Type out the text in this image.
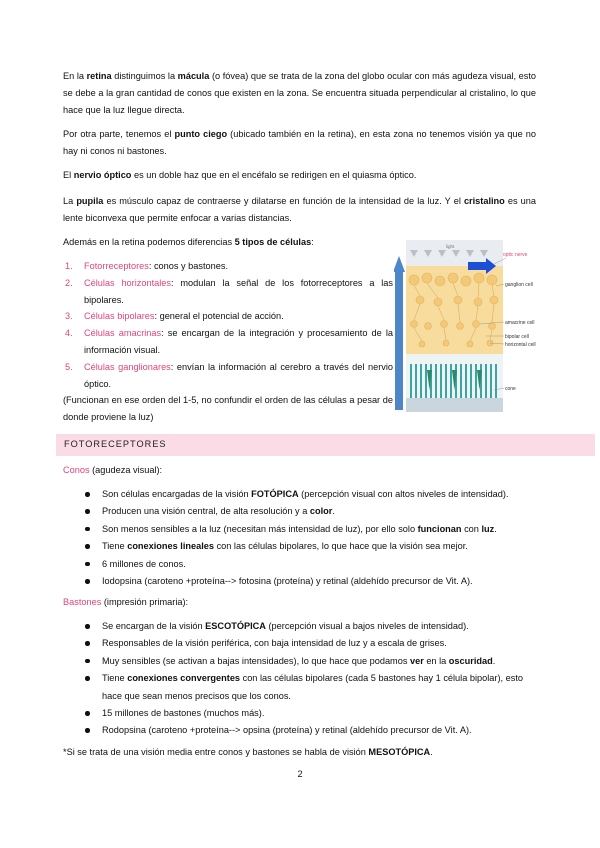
En la retina distinguimos la mácula (o fóvea) que se trata de la zona del globo ocular con más agudeza visual, esto se debe a la gran cantidad de conos que existen en la zona. Se encuentra situada perpendicular al cristalino, lo que hace que la luz llegue directa.

Por otra parte, tenemos el punto ciego (ubicado también en la retina), en esta zona no tenemos visión ya que no hay ni conos ni bastones.

El nervio óptico es un doble haz que en el encéfalo se redirigen en el quiasma óptico.

La pupila es músculo capaz de contraerse y dilatarse en función de la intensidad de la luz. Y el cristalino es una lente biconvexa que permite enfocar a varias distancias.

Además en la retina podemos diferencias 5 tipos de células:

1. Fotorreceptores: conos y bastones.
2. Células horizontales: modulan la señal de los fotorreceptores a las bipolares.
3. Células bipolares: general el potencial de acción.
4. Células amacrinas: se encargan de la integración y procesamiento de la información visual.
5. Células ganglionares: envían la información al cerebro a través del nervio óptico.

(Funcionan en ese orden del 1-5, no confundir el orden de las células a pesar de donde proviene la luz)

light
optic nerve
ganglion cell
amacrine cell
bipolar cell
horizontal cell
cone
FOTORECEPTORES

Conos (agudeza visual):

Son células encargadas de la visión FOTÓPICA (percepción visual con altos niveles de intensidad).
Producen una visión central, de alta resolución y a color.
Son menos sensibles a la luz (necesitan más intensidad de luz), por ello solo funcionan con luz.
Tiene conexiones lineales con las células bipolares, lo que hace que la visión sea mejor.
6 millones de conos.
Iodopsina (caroteno +proteína--> fotosina (proteína) y retinal (aldehído precursor de Vit. A).

Bastones (impresión primaria):

Se encargan de la visión ESCOTÓPICA (percepción visual a bajos niveles de intensidad).
Responsables de la visión periférica, con baja intensidad de luz y a escala de grises.
Muy sensibles (se activan a bajas intensidades), lo que hace que podamos ver en la oscuridad.
Tiene conexiones convergentes con las células bipolares (cada 5 bastones hay 1 célula bipolar), esto hace que sean menos precisos que los conos.
15 millones de bastones (muchos más).
Rodopsina (caroteno +proteína--> opsina (proteína) y retinal (aldehído precursor de Vit. A).

*Si se trata de una visión media entre conos y bastones se habla de visión MESOTÓPICA.

2
